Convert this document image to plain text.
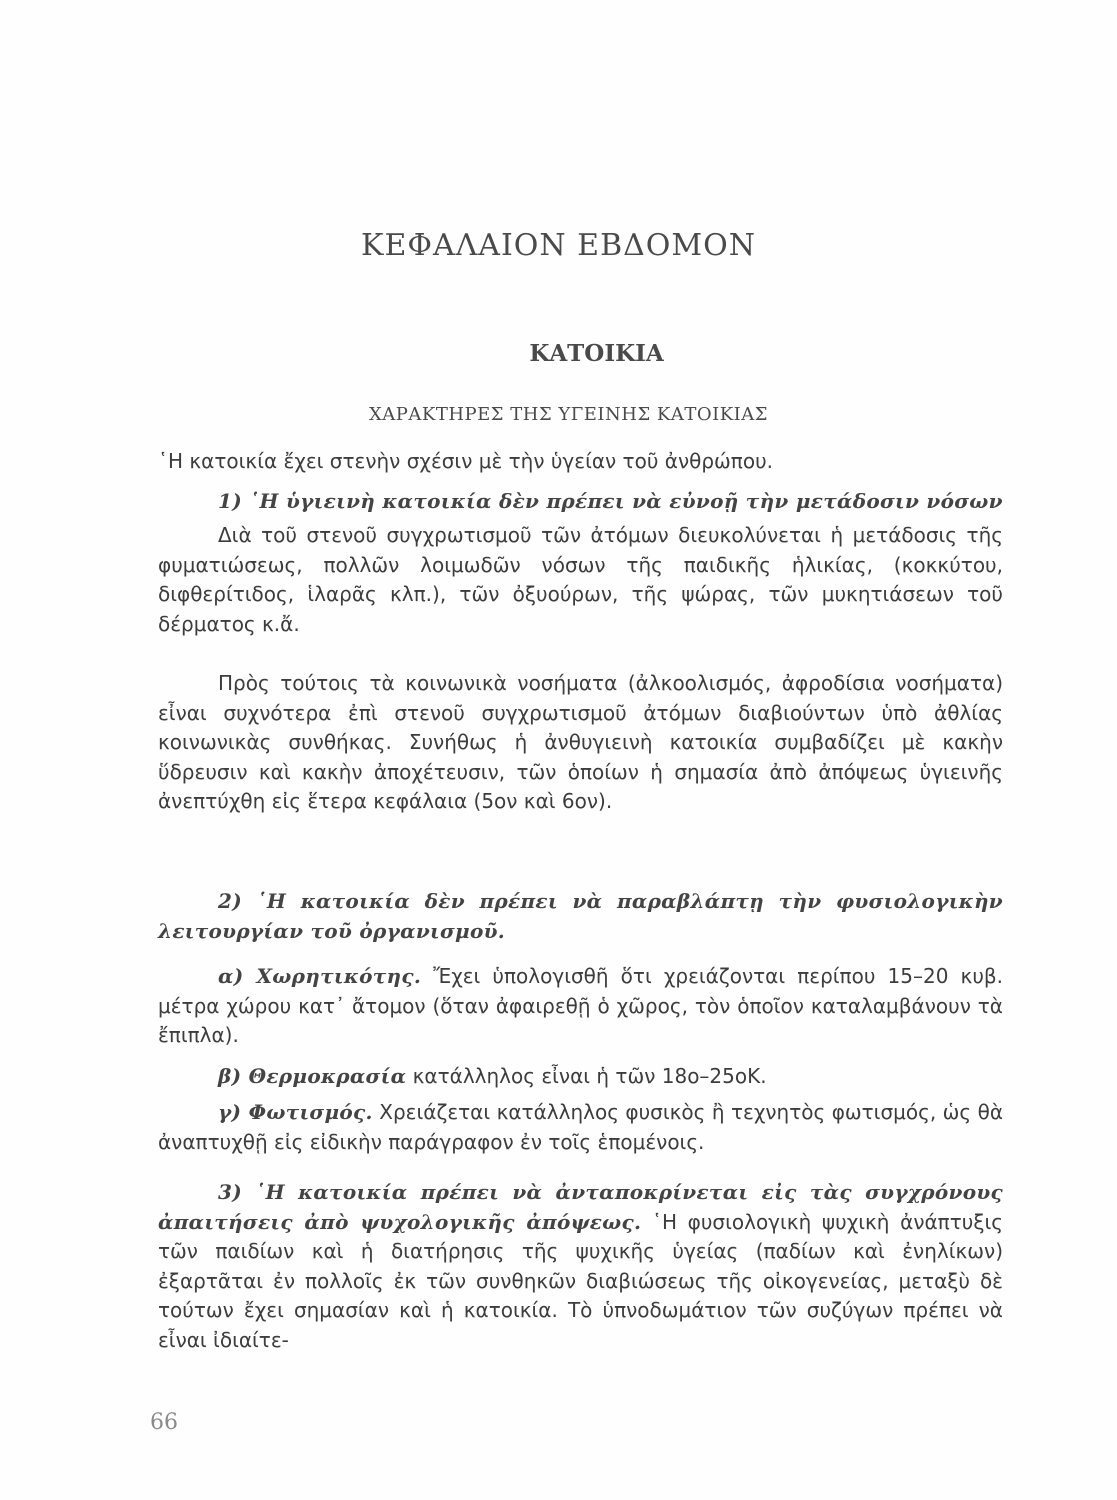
ΚΕΦΑΛΑΙΟΝ ΕΒΔΟΜΟΝ
ΚΑΤΟΙΚΙΑ
ΧΑΡΑΚΤΗΡΕΣ ΤΗΣ ΥΓΕΙΝΗΣ ΚΑΤΟΙΚΙΑΣ

῾Η κατοικία ἔχει στενὴν σχέσιν μὲ τὴν ὑγείαν τοῦ ἀνθρώπου.

1) ῾Η ὑγιεινὴ κατοικία δὲν πρέπει νὰ εὐνοῇ τὴν μετάδοσιν νόσων

Διὰ τοῦ στενοῦ συγχρωτισμοῦ τῶν ἀτόμων διευκολύνεται ἡ μετάδοσις τῆς φυματιώσεως, πολλῶν λοιμωδῶν νόσων τῆς παιδικῆς ἡλικίας, (κοκκύτου, διφθερίτιδος, ἱλαρᾶς κλπ.), τῶν ὀξυούρων, τῆς ψώρας, τῶν μυκητιάσεων τοῦ δέρματος κ.ἄ.

Πρὸς τούτοις τὰ κοινωνικὰ νοσήματα (ἀλκοολισμός, ἀφροδίσια νοσήματα) εἶναι συχνότερα ἐπὶ στενοῦ συγχρωτισμοῦ ἀτόμων διαβιούντων ὑπὸ ἀθλίας κοινωνικὰς συνθήκας. Συνήθως ἡ ἀνθυγιεινὴ κατοικία συμβαδίζει μὲ κακὴν ὕδρευσιν καὶ κακὴν ἀποχέτευσιν, τῶν ὁποίων ἡ σημασία ἀπὸ ἀπόψεως ὑγιεινῆς ἀνεπτύχθη εἰς ἕτερα κεφάλαια (5ον καὶ 6ον).

2) ῾Η κατοικία δὲν πρέπει νὰ παραβλάπτῃ τὴν φυσιολογικὴν λειτουργίαν τοῦ ὀργανισμοῦ.

α) Χωρητικότης. Ἔχει ὑπολογισθῆ ὅτι χρειάζονται περίπου 15–20 κυβ. μέτρα χώρου κατ᾿ ἄτομον (ὅταν ἀφαιρεθῇ ὁ χῶρος, τὸν ὁποῖον καταλαμβάνουν τὰ ἔπιπλα).

β) Θερμοκρασία κατάλληλος εἶναι ἡ τῶν 18ο–25οΚ.

γ) Φωτισμός. Χρειάζεται κατάλληλος φυσικὸς ἢ τεχνητὸς φωτισμός, ὡς θὰ ἀναπτυχθῇ εἰς εἰδικὴν παράγραφον ἐν τοῖς ἑπομένοις.

3) ῾Η κατοικία πρέπει νὰ ἀνταποκρίνεται εἰς τὰς συγχρόνους ἀπαιτήσεις ἀπὸ ψυχολογικῆς ἀπόψεως. ῾Η φυσιολογικὴ ψυχικὴ ἀνάπτυξις τῶν παιδίων καὶ ἡ διατήρησις τῆς ψυχικῆς ὑγείας (παδίων καὶ ἐνηλίκων) ἐξαρτᾶται ἐν πολλοῖς ἐκ τῶν συνθηκῶν διαβιώσεως τῆς οἰκογενείας, μεταξὺ δὲ τούτων ἔχει σημασίαν καὶ ἡ κατοικία. Τὸ ὑπνοδωμάτιον τῶν συζύγων πρέπει νὰ εἶναι ἰδιαίτε-

66
